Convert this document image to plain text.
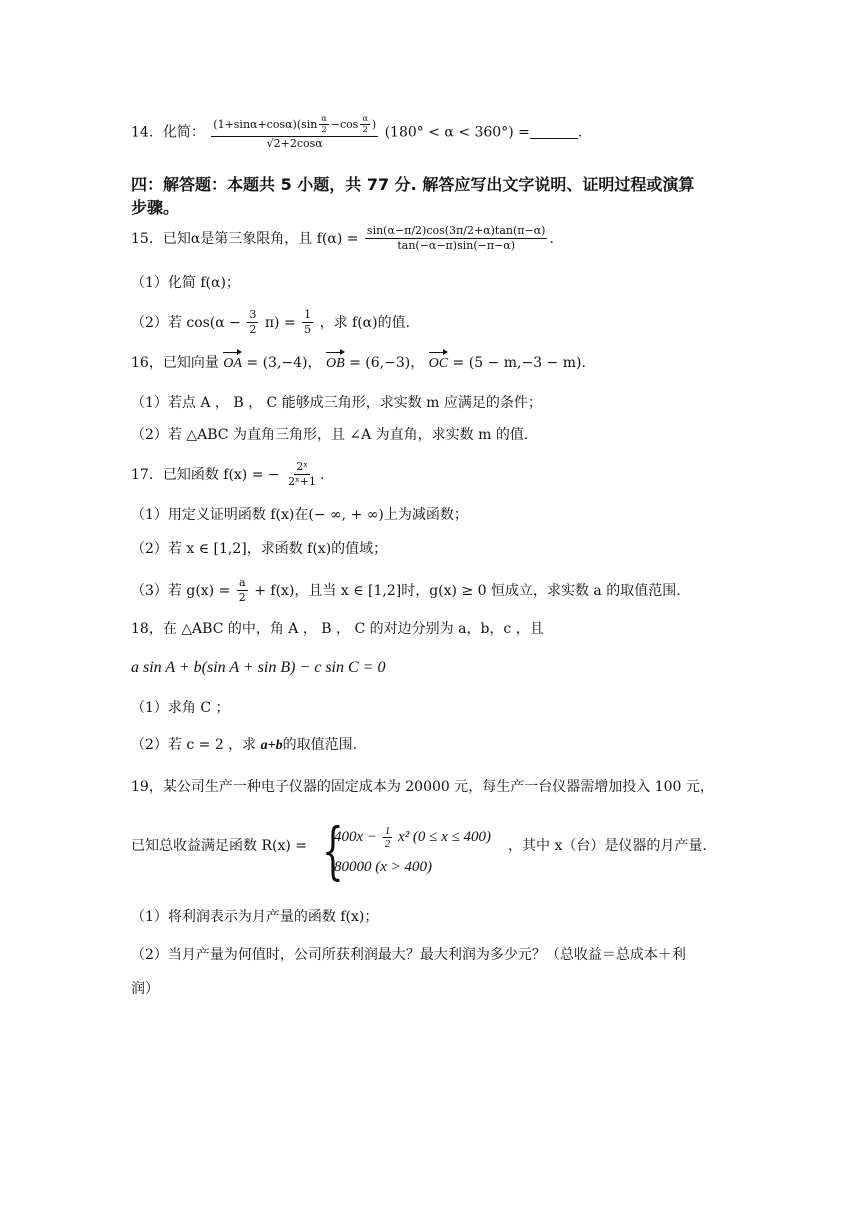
14．化简： $\frac{(1+\sin\alpha+\cos\alpha)(\sin \frac{\alpha}{2} -\cos \frac{\alpha}{2} )}{√2+2\cos\alpha} (180^\circ < \alpha < 360^\circ)$ =	.
四：解答题：本题共 5 小题，共 77 分. 解答应写出文字说明、证明过程或演算
步骤。
15．已知α是第三象限角，且 $f(\alpha) = \frac{\sin(\alpha-\pi/2)\cos(3\pi/2+\alpha)\tan(\pi-\alpha)}{\tan(-\alpha-\pi)\sin(-\pi-\alpha)}$ .
（1）化简 f(α)；
（2）若 $\cos(\alpha - \frac{3}{2} \pi) = \frac{1}{5}$ ，求 f(α)的值.
16，已知向量 OA = (3,−4)， OB = (6,−3)， OC = (5 − m,−3 − m).
（1）若点 A ， B ， C 能够成三角形，求实数 m 应满足的条件；
（2）若 △ABC 为直角三角形，且 ∠A 为直角，求实数 m 的值.
17．已知函数 f(x) = − $\frac{\text{2ˣ}}{\text{2ˣ+1}}$ .
（1）用定义证明函数 f(x)在(− ∞, + ∞)上为减函数；
（2）若 x ∈ [1,2]，求函数 f(x)的值域；
（3）若 $g(x) = \frac{a}{2} + f(x)$，且当 x ∈ [1,2]时，g(x) ≥ 0 恒成立，求实数 a 的取值范围.
18，在 △ABC 的中，角 A ， B ， C 的对边分别为 a，b，c ，且
a sin A + b(sin A + sin B) − c sin C = 0
（1）求角 C ；
（2）若 c = 2 ，求 a+b的取值范围.
19，某公司生产一种电子仪器的固定成本为 20000 元，每生产一台仪器需增加投入 100 元，
已知总收益满足函数 R(x) = {
$400x - \frac{1}{2} x^2$ (0 ≤ x ≤ 400)
80000 (x > 400)
，其中 x（台）是仪器的月产量.
（1）将利润表示为月产量的函数 f(x)；
（2）当月产量为何值时，公司所获利润最大？最大利润为多少元？（总收益＝总成本＋利
润）
